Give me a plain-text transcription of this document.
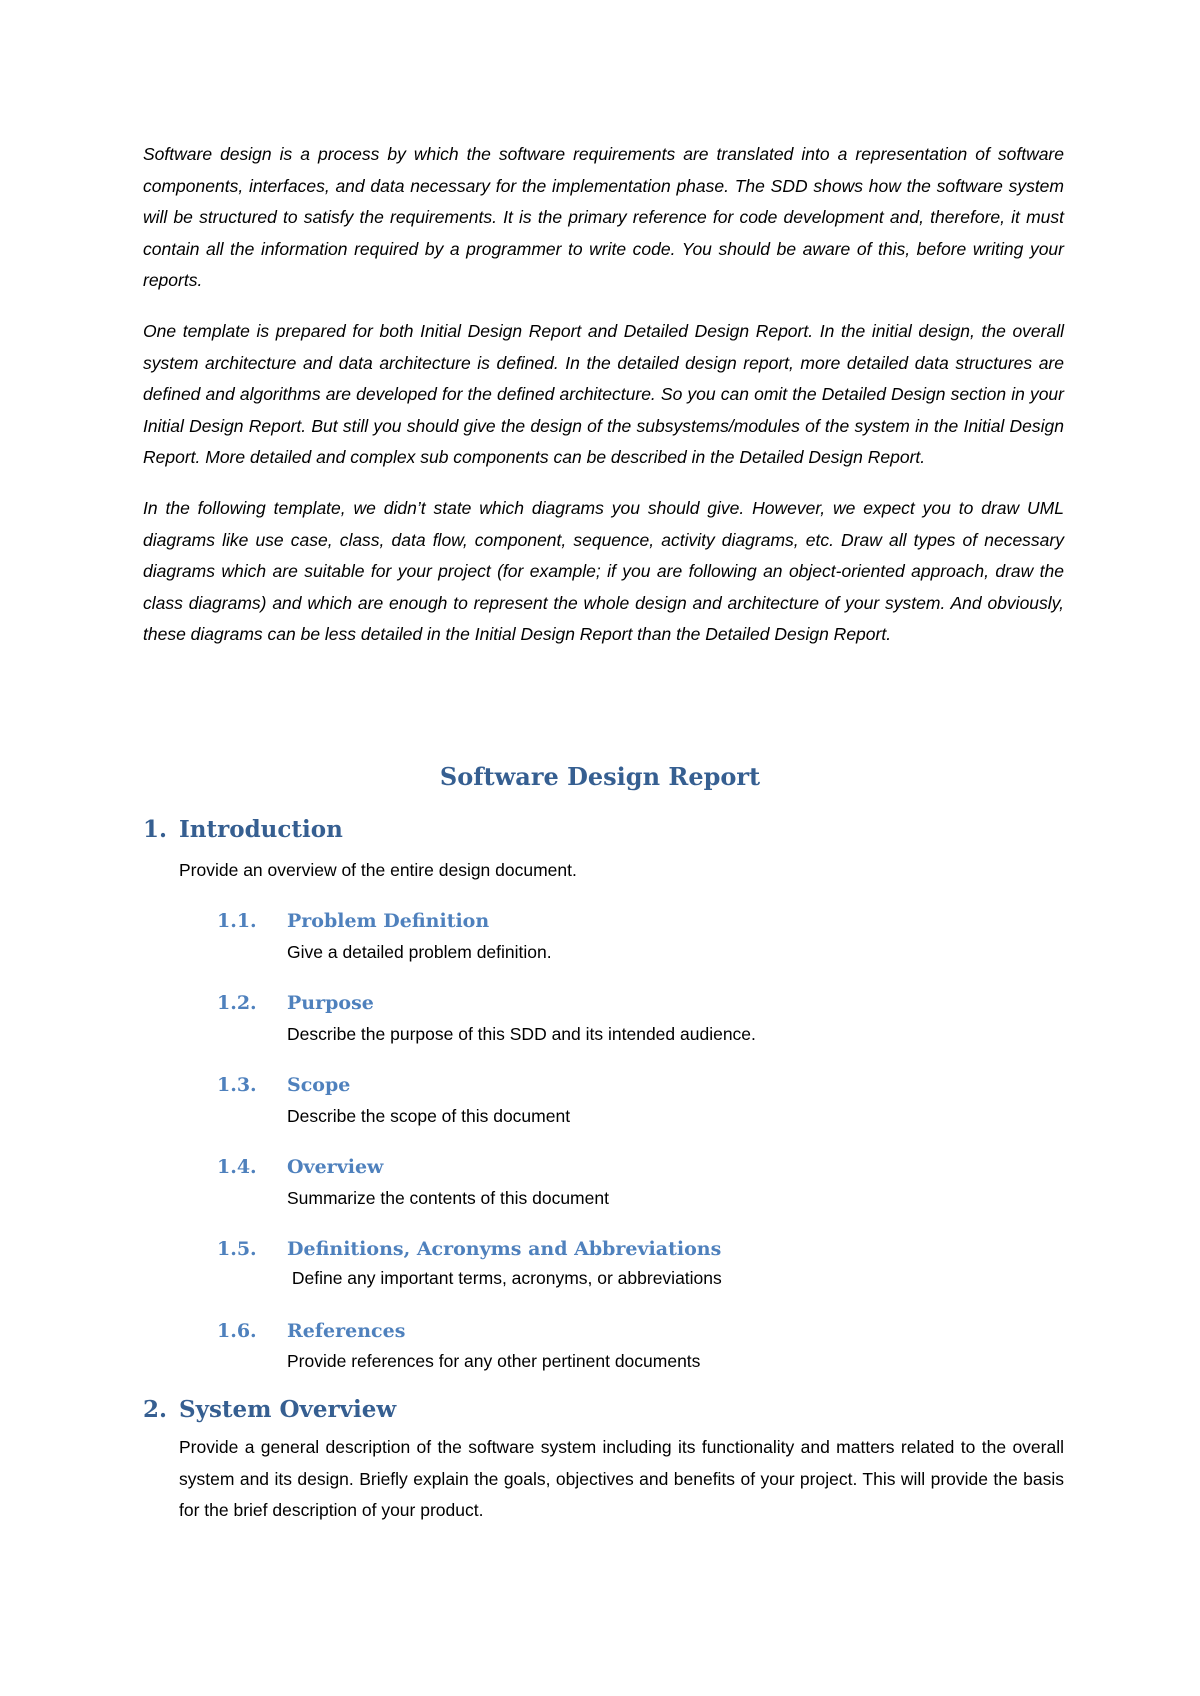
Software design is a process by which the software requirements are translated into a representation of software components, interfaces, and data necessary for the implementation phase. The SDD shows how the software system will be structured to satisfy the requirements. It is the primary reference for code development and, therefore, it must contain all the information required by a programmer to write code. You should be aware of this, before writing your reports.

One template is prepared for both Initial Design Report and Detailed Design Report. In the initial design, the overall system architecture and data architecture is defined. In the detailed design report, more detailed data structures are defined and algorithms are developed for the defined architecture. So you can omit the Detailed Design section in your Initial Design Report. But still you should give the design of the subsystems/modules of the system in the Initial Design Report. More detailed and complex sub components can be described in the Detailed Design Report.

In the following template, we didn’t state which diagrams you should give. However, we expect you to draw UML diagrams like use case, class, data flow, component, sequence, activity diagrams, etc. Draw all types of necessary diagrams which are suitable for your project (for example; if you are following an object-oriented approach, draw the class diagrams) and which are enough to represent the whole design and architecture of your system. And obviously, these diagrams can be less detailed in the Initial Design Report than the Detailed Design Report.

Software Design Report
1. Introduction

Provide an overview of the entire design document.

1.1. Problem Definition

Give a detailed problem definition.

1.2. Purpose

Describe the purpose of this SDD and its intended audience.

1.3. Scope

Describe the scope of this document

1.4. Overview

Summarize the contents of this document

1.5. Definitions, Acronyms and Abbreviations

Define any important terms, acronyms, or abbreviations

1.6. References

Provide references for any other pertinent documents

2. System Overview

Provide a general description of the software system including its functionality and matters related to the overall system and its design. Briefly explain the goals, objectives and benefits of your project. This will provide the basis for the brief description of your product.
